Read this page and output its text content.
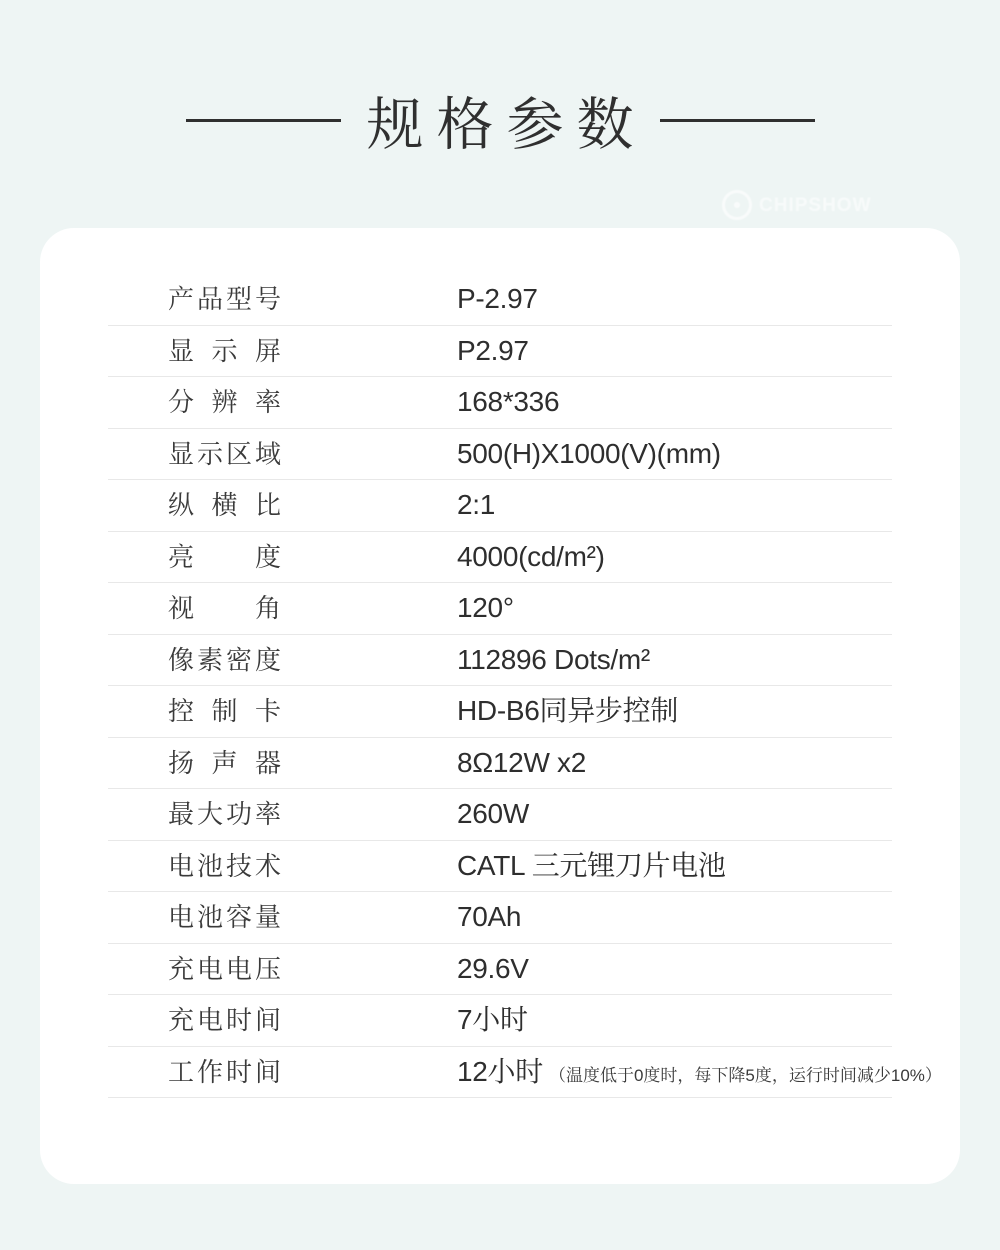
规格参数
CHIPSHOW
产品型号	P-2.97
显示屏	P2.97
分辨率	168*336
显示区域	500(H)X1000(V)(mm)
纵横比	2:1
亮度	4000(cd/m²)
视角	120°
像素密度	112896 Dots/m²
控制卡	HD-B6同异步控制
扬声器	8Ω12W x2
最大功率	260W
电池技术	CATL 三元锂刀片电池
电池容量	70Ah
充电电压	29.6V
充电时间	7小时
工作时间	12小时 （温度低于0度时，每下降5度，运行时间减少10%）
